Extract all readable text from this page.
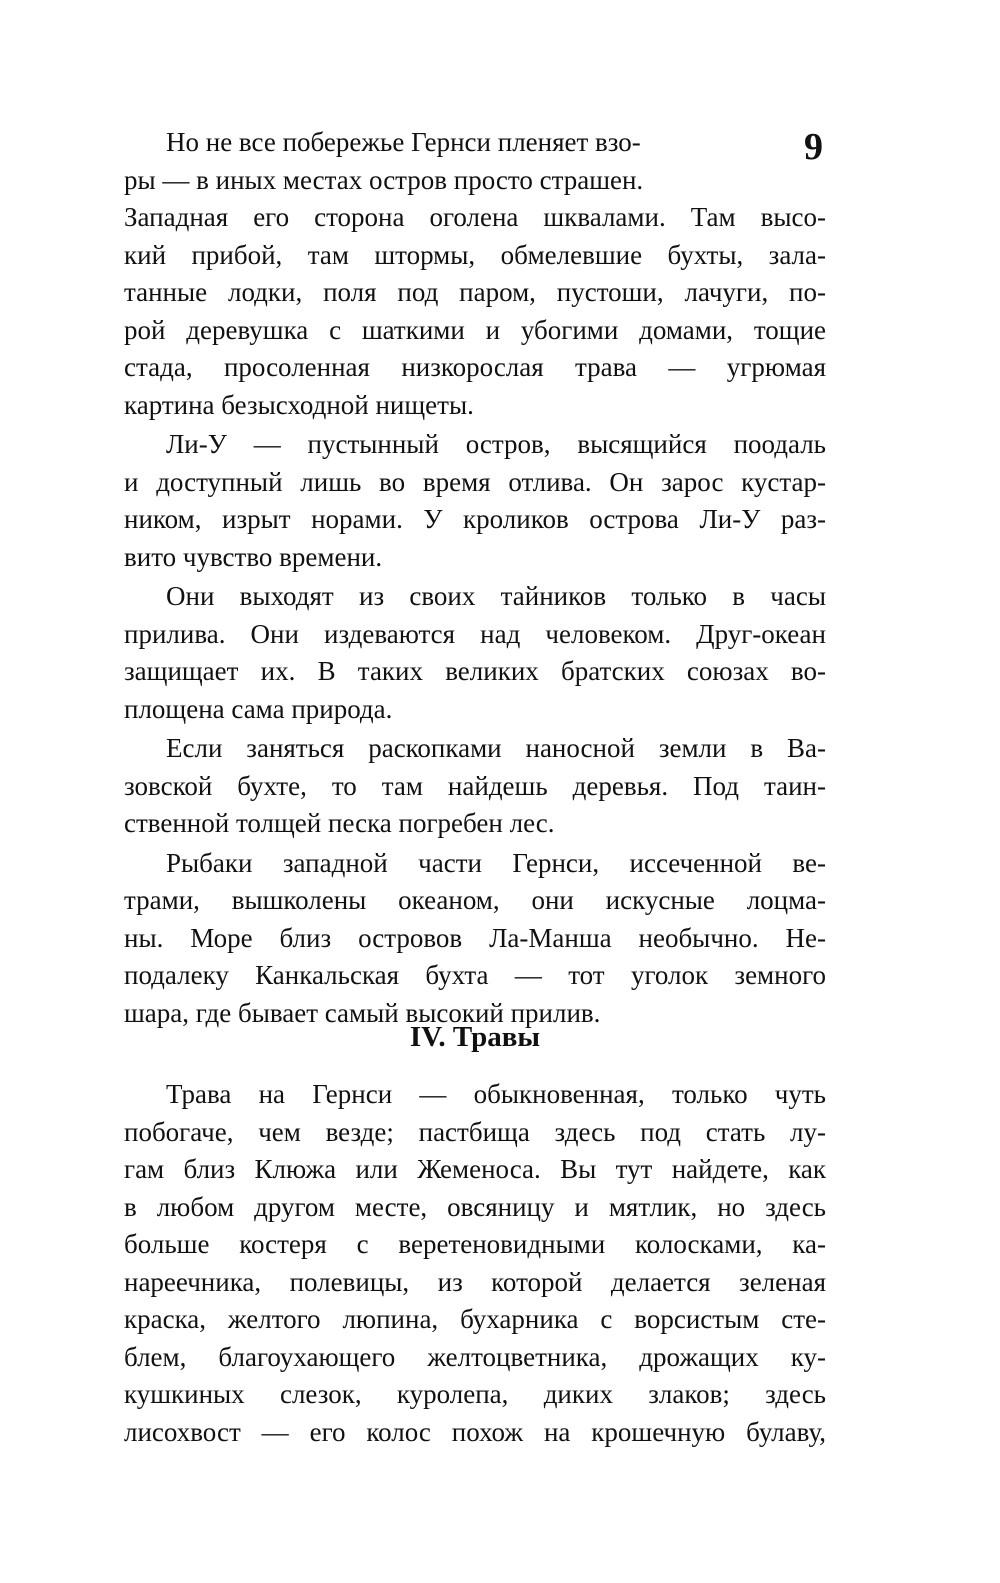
9
Но не все побережье Гернси пленяет взо-
ры — в иных местах остров просто страшен.
Западная его сторона оголена шквалами. Там высо-
кий прибой, там штормы, обмелевшие бухты, зала-
танные лодки, поля под паром, пустоши, лачуги, по-
рой деревушка с шаткими и убогими домами, тощие
стада, просоленная низкорослая трава — угрюмая
картина безысходной нищеты.
Ли-У — пустынный остров, высящийся поодаль
и доступный лишь во время отлива. Он зарос кустар-
ником, изрыт норами. У кроликов острова Ли-У раз-
вито чувство времени.
Они выходят из своих тайников только в часы
прилива. Они издеваются над человеком. Друг-океан
защищает их. В таких великих братских союзах во-
площена сама природа.
Если заняться раскопками наносной земли в Ва-
зовской бухте, то там найдешь деревья. Под таин-
ственной толщей песка погребен лес.
Рыбаки западной части Гернси, иссеченной ве-
трами, вышколены океаном, они искусные лоцма-
ны. Море близ островов Ла-Манша необычно. Не-
подалеку Канкальская бухта — тот уголок земного
шара, где бывает самый высокий прилив.
IV. Травы
Трава на Гернси — обыкновенная, только чуть
побогаче, чем везде; пастбища здесь под стать лу-
гам близ Клюжа или Жеменоса. Вы тут найдете, как
в любом другом месте, овсяницу и мятлик, но здесь
больше костеря с веретеновидными колосками, ка-
нареечника, полевицы, из которой делается зеленая
краска, желтого люпина, бухарника с ворсистым сте-
блем, благоухающего желтоцветника, дрожащих ку-
кушкиных слезок, куролепа, диких злаков; здесь
лисохвост — его колос похож на крошечную булаву,
